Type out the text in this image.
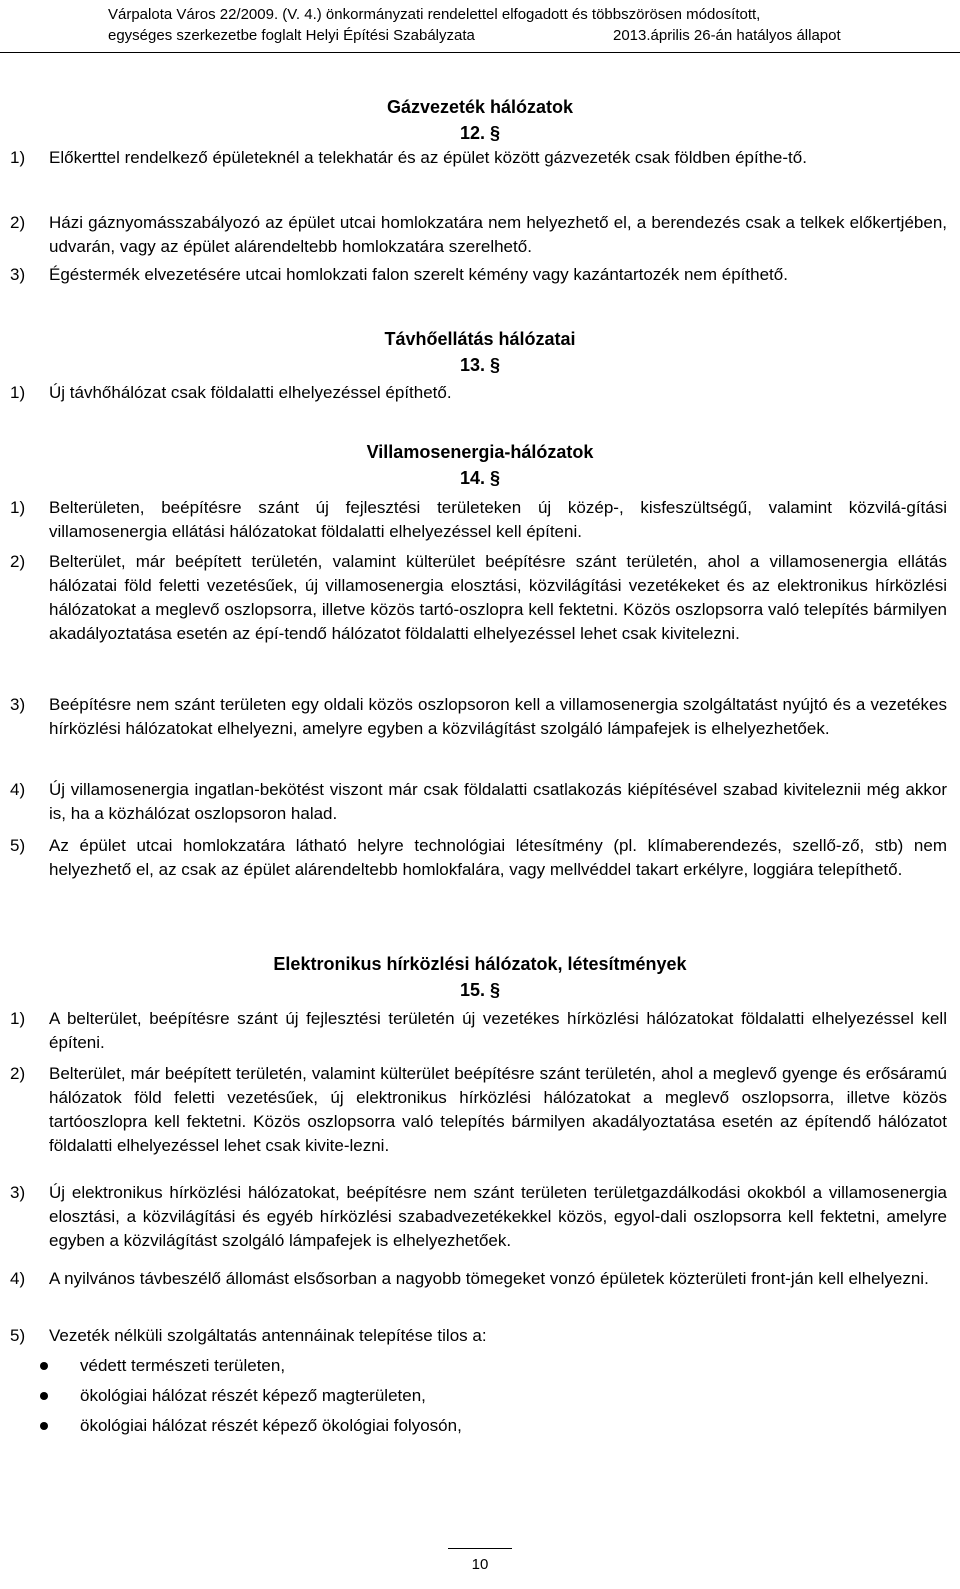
Várpalota Város 22/2009. (V. 4.) önkormányzati rendelettel elfogadott és többszörösen módosított,
egységes szerkezetbe foglalt Helyi Építési Szabályzata	2013.április 26-án hatályos állapot
Gázvezeték hálózatok
12. §
1) Előkerttel rendelkező épületeknél a telekhatár és az épület között gázvezeték csak földben építhe-tő.
2) Házi gáznyomásszabályozó az épület utcai homlokzatára nem helyezhető el, a berendezés csak a telkek előkertjében, udvarán, vagy az épület alárendeltebb homlokzatára szerelhető.
3) Égéstermék elvezetésére utcai homlokzati falon szerelt kémény vagy kazántartozék nem építhető.
Távhőellátás hálózatai
13. §
1) Új távhőhálózat csak földalatti elhelyezéssel építhető.
Villamosenergia-hálózatok
14. §
1) Belterületen, beépítésre szánt új fejlesztési területeken új közép-, kisfeszültségű, valamint közvilá-gítási villamosenergia ellátási hálózatokat földalatti elhelyezéssel kell építeni.
2) Belterület, már beépített területén, valamint külterület beépítésre szánt területén, ahol a villamosenergia ellátás hálózatai föld feletti vezetésűek, új villamosenergia elosztási, közvilágítási vezetékeket és az elektronikus hírközlési hálózatokat a meglevő oszlopsorra, illetve közös tartó-oszlopra kell fektetni. Közös oszlopsorra való telepítés bármilyen akadályoztatása esetén az épí-tendő hálózatot földalatti elhelyezéssel lehet csak kivitelezni.
3) Beépítésre nem szánt területen egy oldali közös oszlopsoron kell a villamosenergia szolgáltatást nyújtó és a vezetékes hírközlési hálózatokat elhelyezni, amelyre egyben a közvilágítást szolgáló lámpafejek is elhelyezhetőek.
4) Új villamosenergia ingatlan-bekötést viszont már csak földalatti csatlakozás kiépítésével szabad kiviteleznii még akkor is, ha a közhálózat oszlopsoron halad.
5) Az épület utcai homlokzatára látható helyre technológiai létesítmény (pl. klímaberendezés, szellő-ző, stb) nem helyezhető el, az csak az épület alárendeltebb homlokfalára, vagy mellvéddel takart erkélyre, loggiára telepíthető.
Elektronikus hírközlési hálózatok, létesítmények
15. §
1) A belterület, beépítésre szánt új fejlesztési területén új vezetékes hírközlési hálózatokat földalatti elhelyezéssel kell építeni.
2) Belterület, már beépített területén, valamint külterület beépítésre szánt területén, ahol a meglevő gyenge és erősáramú hálózatok föld feletti vezetésűek, új elektronikus hírközlési hálózatokat a meglevő oszlopsorra, illetve közös tartóoszlopra kell fektetni. Közös oszlopsorra való telepítés bármilyen akadályoztatása esetén az építendő hálózatot földalatti elhelyezéssel lehet csak kivite-lezni.
3) Új elektronikus hírközlési hálózatokat, beépítésre nem szánt területen területgazdálkodási okokból a villamosenergia elosztási, a közvilágítási és egyéb hírközlési szabadvezetékekkel közös, egyol-dali oszlopsorra kell fektetni, amelyre egyben a közvilágítást szolgáló lámpafejek is elhelyezhetőek.
4) A nyilvános távbeszélő állomást elsősorban a nagyobb tömegeket vonzó épületek közterületi front-ján kell elhelyezni.
5) Vezeték nélküli szolgáltatás antennáinak telepítése tilos a:
védett természeti területen,
ökológiai hálózat részét képező magterületen,
ökológiai hálózat részét képező ökológiai folyosón,
10
